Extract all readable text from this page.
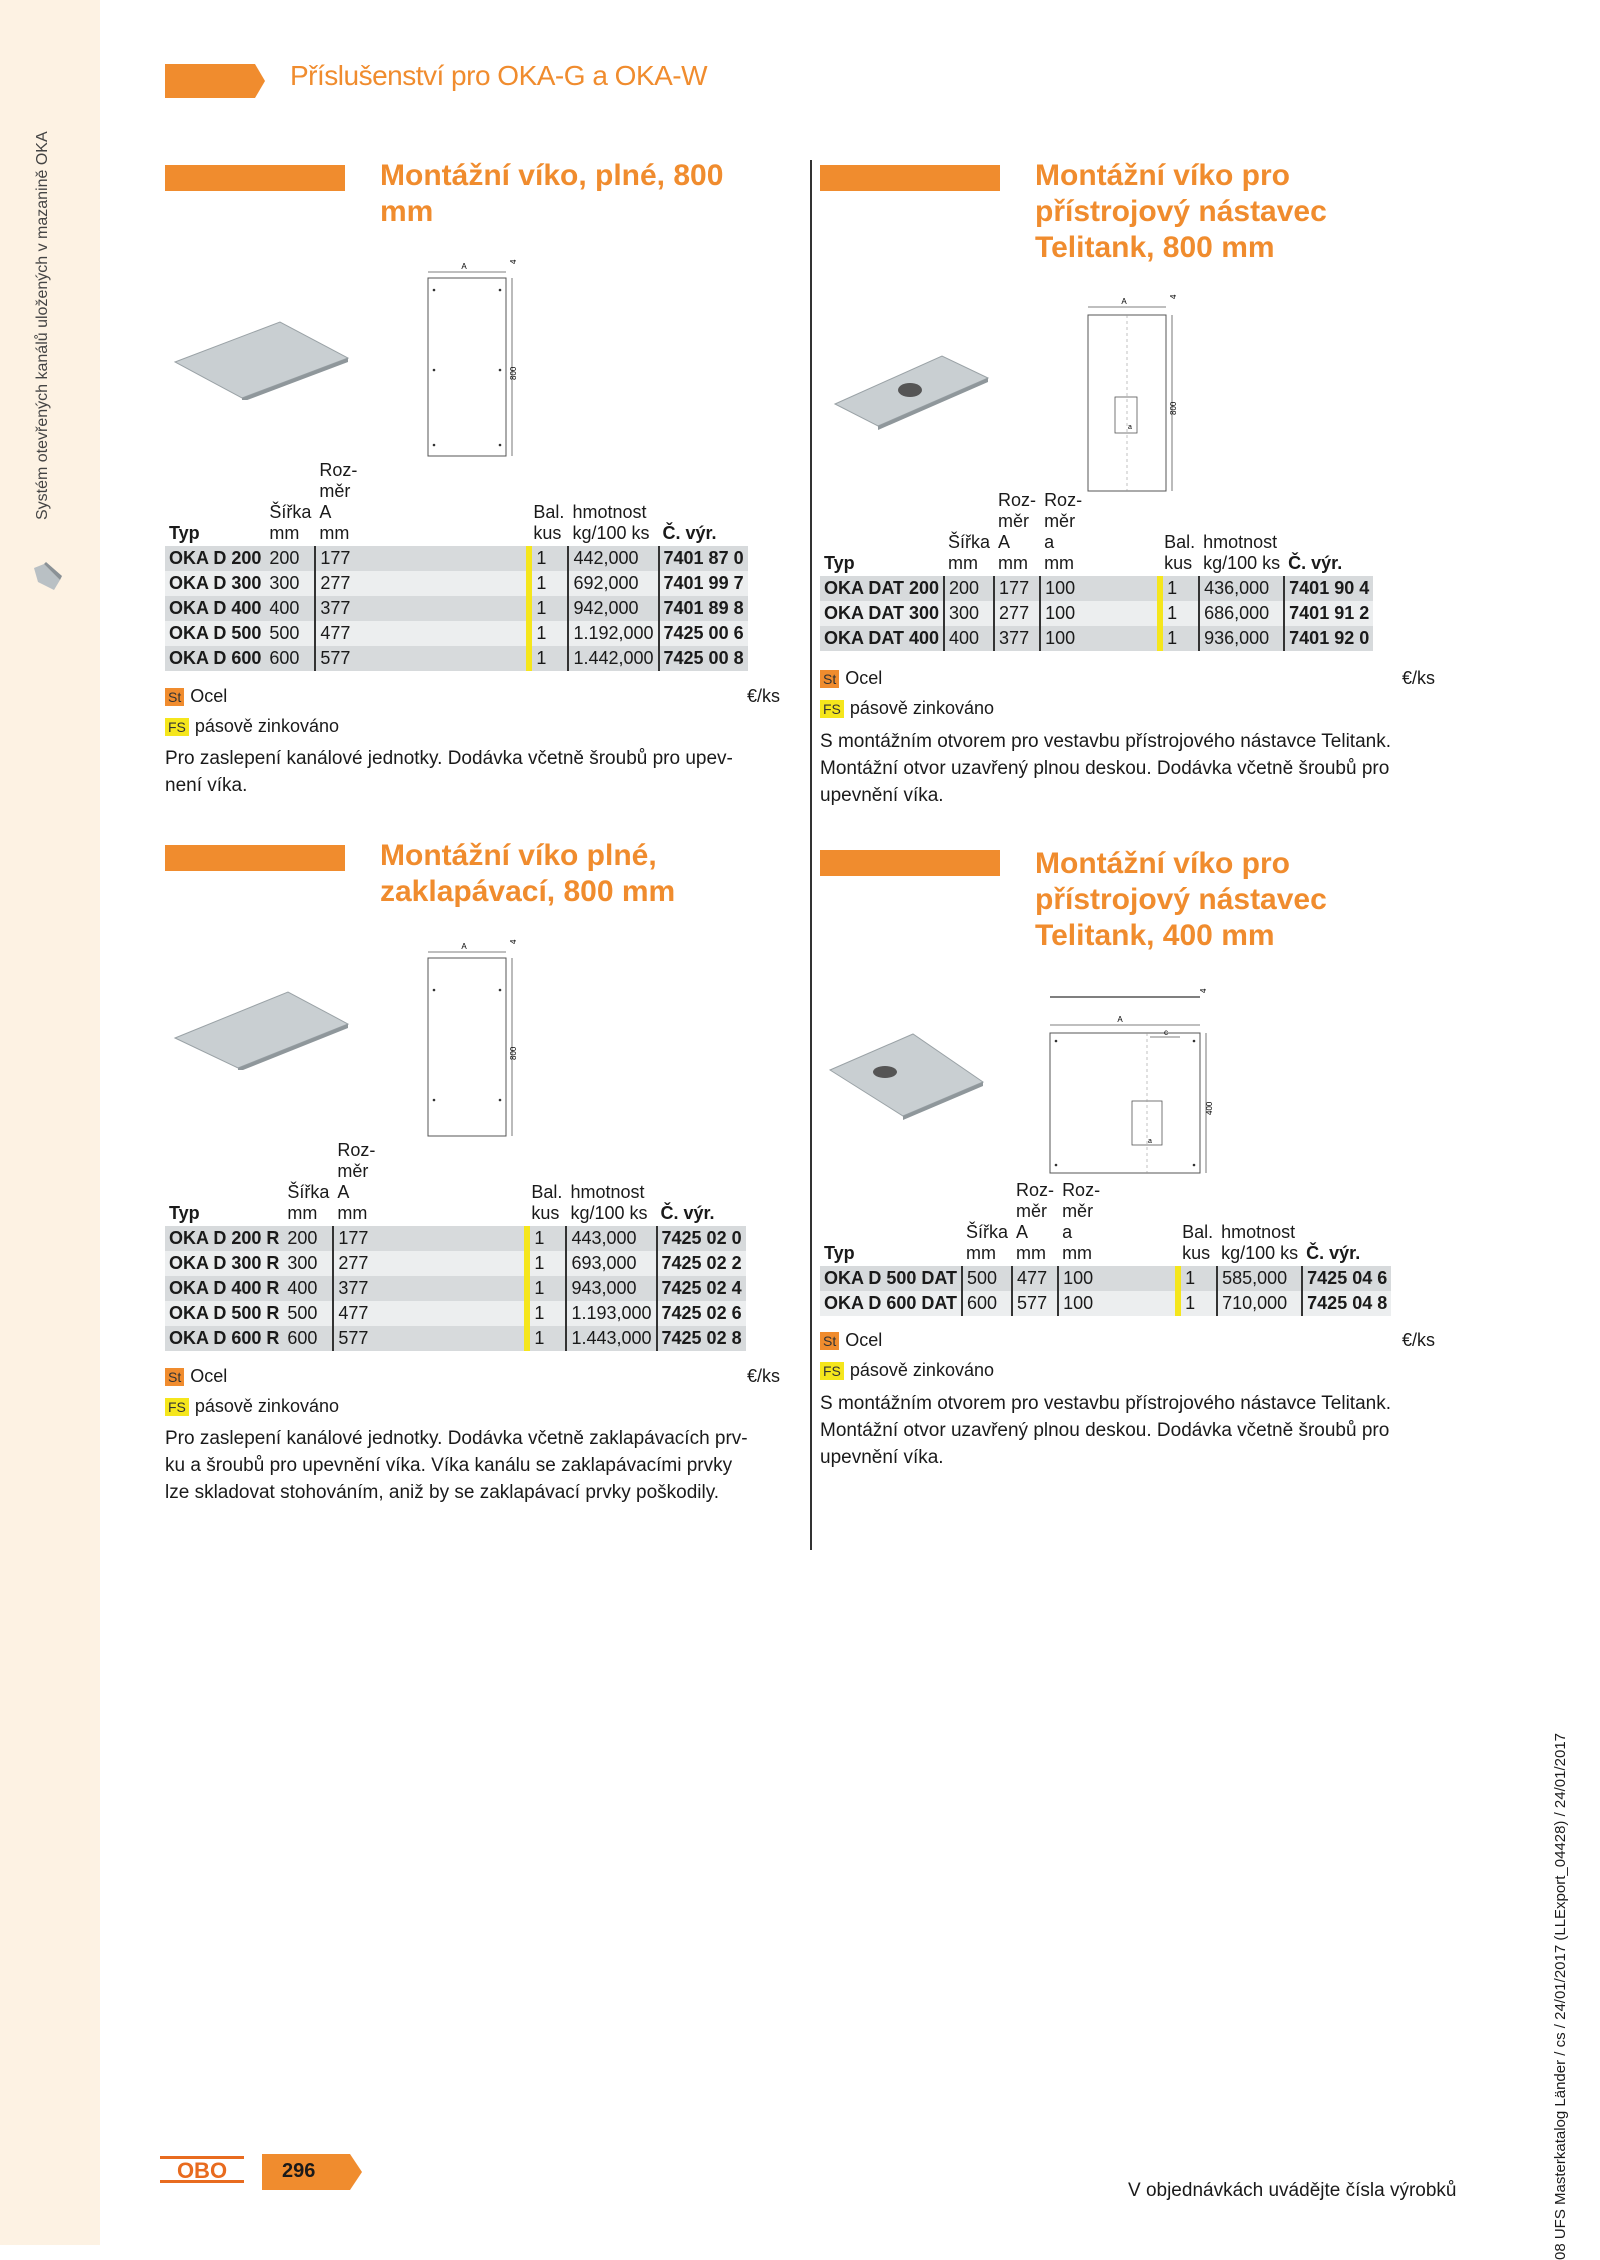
Systém otevřených kanálů uložených v mazanině OKA
Příslušenství pro OKA-G a OKA-W
Montážní víko, plné, 800 mm
A
800
4
Typ	Šířka
mm	Roz-
měr
A
mm		Bal.
kus	hmotnost
kg/100 ks	Č. výr.
OKA D 200	200	177		1	442,000	7401 87 0
OKA D 300	300	277		1	692,000	7401 99 7
OKA D 400	400	377		1	942,000	7401 89 8
OKA D 500	500	477		1	1.192,000	7425 00 6
OKA D 600	600	577		1	1.442,000	7425 00 8
St Ocel	€/ks
FS pásově zinkováno
Pro zaslepení kanálové jednotky. Dodávka včetně šroubů pro upev-
není víka.
Montážní víko pro přístrojový nástavec Telitank, 800 mm
A
800
4
a
Typ	Šířka
mm	Roz-
měr
A
mm	Roz-
měr
a
mm		Bal.
kus	hmotnost
kg/100 ks	Č. výr.
OKA DAT 200	200	177	100		1	436,000	7401 90 4
OKA DAT 300	300	277	100		1	686,000	7401 91 2
OKA DAT 400	400	377	100		1	936,000	7401 92 0
St Ocel	€/ks
FS pásově zinkováno
S montážním otvorem pro vestavbu přístrojového nástavce Telitank.
Montážní otvor uzavřený plnou deskou. Dodávka včetně šroubů pro
upevnění víka.
Montážní víko plné, zaklapávací, 800 mm
A
800
4
Typ	Šířka
mm	Roz-
měr
A
mm		Bal.
kus	hmotnost
kg/100 ks	Č. výr.
OKA D 200 R	200	177		1	443,000	7425 02 0
OKA D 300 R	300	277		1	693,000	7425 02 2
OKA D 400 R	400	377		1	943,000	7425 02 4
OKA D 500 R	500	477		1	1.193,000	7425 02 6
OKA D 600 R	600	577		1	1.443,000	7425 02 8
St Ocel	€/ks
FS pásově zinkováno
Pro zaslepení kanálové jednotky. Dodávka včetně zaklapávacích prv-
ku a šroubů pro upevnění víka. Víka kanálu se zaklapávacími prvky
lze skladovat stohováním, aniž by se zaklapávací prvky poškodily.
Montážní víko pro přístrojový nástavec Telitank, 400 mm
4
A
c
400
a
Typ	Šířka
mm	Roz-
měr
A
mm	Roz-
měr
a
mm		Bal.
kus	hmotnost
kg/100 ks	Č. výr.
OKA D 500 DAT	500	477	100		1	585,000	7425 04 6
OKA D 600 DAT	600	577	100		1	710,000	7425 04 8
St Ocel	€/ks
FS pásově zinkováno
S montážním otvorem pro vestavbu přístrojového nástavce Telitank.
Montážní otvor uzavřený plnou deskou. Dodávka včetně šroubů pro
upevnění víka.
08 UFS Masterkatalog Länder / cs / 24/01/2017 (LLExport_04428) / 24/01/2017
OBO	296
V objednávkách uvádějte čísla výrobků
